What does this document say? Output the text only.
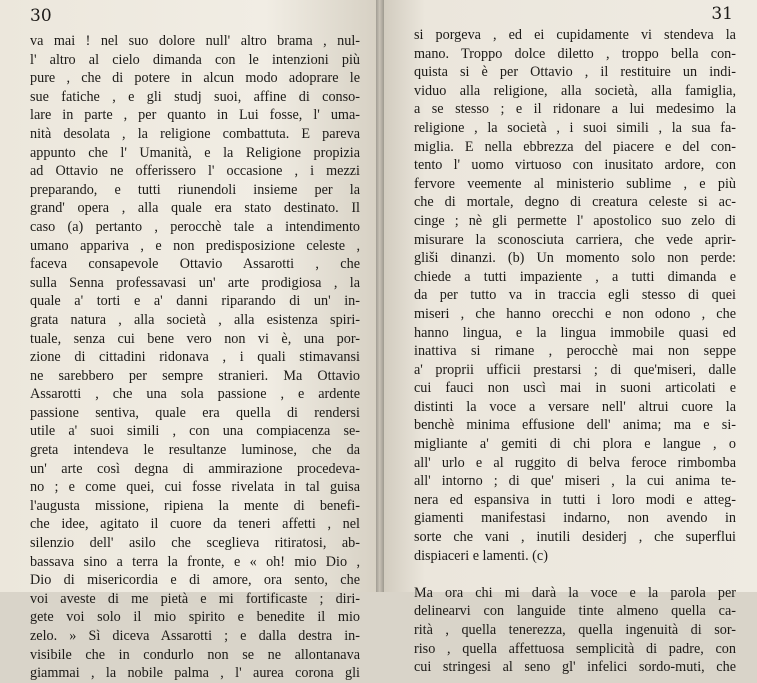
30
va mai ! nel suo dolore null' altro brama , nul-
l' altro al cielo dimanda con le intenzioni più
pure , che di potere in alcun modo adoprare le
sue fatiche , e gli studj suoi, affine di conso-
lare in parte , per quanto in Lui fosse, l' uma-
nità desolata , la religione combattuta. E pareva
appunto che l' Umanità, e la Religione propizia
ad Ottavio ne offerissero l' occasione , i mezzi
preparando, e tutti riunendoli insieme per la
grand' opera , alla quale era stato destinato. Il
caso (a) pertanto , perocchè tale a intendimento
umano appariva , e non predisposizione celeste ,
faceva consapevole Ottavio Assarotti , che
sulla Senna professavasi un' arte prodigiosa , la
quale a' torti e a' danni riparando di un' in-
grata natura , alla società , alla esistenza spiri-
tuale, senza cui bene vero non vi è, una por-
zione di cittadini ridonava , i quali stimavansi
ne sarebbero per sempre stranieri. Ma Ottavio
Assarotti , che una sola passione , e ardente
passione sentiva, quale era quella di rendersi
utile a' suoi simili , con una compiacenza se-
greta intendeva le resultanze luminose, che da
un' arte così degna di ammirazione procedeva-
no ; e come quei, cui fosse rivelata in tal guisa
l'augusta missione, ripiena la mente di benefi-
che idee, agitato il cuore da teneri affetti , nel
silenzio dell' asilo che sceglieva ritiratosi, ab-
bassava sino a terra la fronte, e « oh! mio Dio ,
Dio di misericordia e di amore, ora sento, che
voi aveste di me pietà e mi fortificaste ; diri-
gete voi solo il mio spirito e benedite il mio
zelo. » Sì diceva Assarotti ; e dalla destra in-
visibile che in condurlo non se ne allontanava
giammai , la nobile palma , l' aurea corona gli
31
si porgeva , ed ei cupidamente vi stendeva la
mano. Troppo dolce diletto , troppo bella con-
quista si è per Ottavio , il restituire un indi-
viduo alla religione, alla società, alla famiglia,
a se stesso ; e il ridonare a lui medesimo la
religione , la società , i suoi simili , la sua fa-
miglia. E nella ebbrezza del piacere e del con-
tento l' uomo virtuoso con inusitato ardore, con
fervore veemente al ministerio sublime , e più
che di mortale, degno di creatura celeste si ac-
cinge ; nè gli permette l' apostolico suo zelo di
misurare la sconosciuta carriera, che vede aprir-
gliši dinanzi. (b) Un momento solo non perde:
chiede a tutti impaziente , a tutti dimanda e
da per tutto va in traccia egli stesso di quei
miseri , che hanno orecchi e non odono , che
hanno lingua, e la lingua immobile quasi ed
inattiva si rimane , perocchè mai non seppe
a' proprii ufficii prestarsi ; di que'miseri, dalle
cui fauci non uscì mai in suoni articolati e
distinti la voce a versare nell' altrui cuore la
benchè minima effusione dell' anima; ma e si-
migliante a' gemiti di chi plora e langue , o
all' urlo e al ruggito di belva feroce rimbomba
all' intorno ; di que' miseri , la cui anima te-
nera ed espansiva in tutti i loro modi e atteg-
giamenti manifestasi indarno, non avendo in
sorte che vani , inutili desiderj , che superflui
dispiaceri e lamenti. (c)
Ma ora chi mi darà la voce e la parola per
delinearvi con languide tinte almeno quella ca-
rità , quella tenerezza, quella ingenuità di sor-
riso , quella affettuosa semplicità di padre, con
cui stringesi al seno gl' infelici sordo-muti, che
